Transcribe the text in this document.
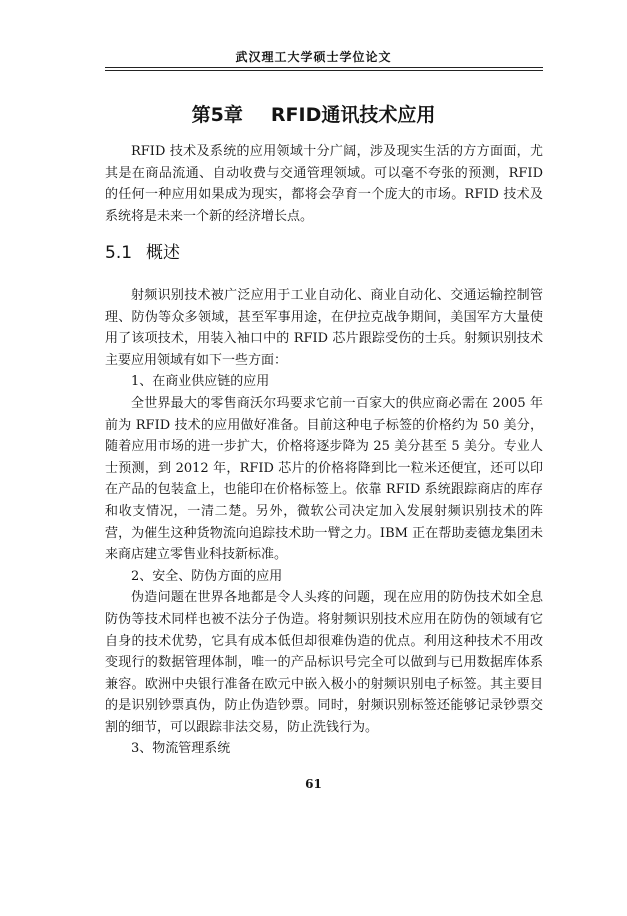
武汉理工大学硕士学位论文
第5章 RFID通讯技术应用

RFID 技术及系统的应用领域十分广阔，涉及现实生活的方方面面，尤其是在商品流通、自动收费与交通管理领域。可以毫不夸张的预测，RFID 的任何一种应用如果成为现实，都将会孕育一个庞大的市场。RFID 技术及系统将是未来一个新的经济增长点。

5.1 概述

射频识别技术被广泛应用于工业自动化、商业自动化、交通运输控制管理、防伪等众多领域，甚至军事用途，在伊拉克战争期间，美国军方大量使用了该项技术，用装入袖口中的 RFID 芯片跟踪受伤的士兵。射频识别技术主要应用领域有如下一些方面：

1、在商业供应链的应用

全世界最大的零售商沃尔玛要求它前一百家大的供应商必需在 2005 年前为 RFID 技术的应用做好准备。目前这种电子标签的价格约为 50 美分，随着应用市场的进一步扩大，价格将逐步降为 25 美分甚至 5 美分。专业人士预测，到 2012 年，RFID 芯片的价格将降到比一粒米还便宜，还可以印在产品的包装盒上，也能印在价格标签上。依靠 RFID 系统跟踪商店的库存和收支情况，一清二楚。另外，微软公司决定加入发展射频识别技术的阵营，为催生这种货物流向追踪技术助一臂之力。IBM 正在帮助麦德龙集团未来商店建立零售业科技新标准。

2、安全、防伪方面的应用

伪造问题在世界各地都是令人头疼的问题，现在应用的防伪技术如全息防伪等技术同样也被不法分子伪造。将射频识别技术应用在防伪的领域有它自身的技术优势，它具有成本低但却很难伪造的优点。利用这种技术不用改变现行的数据管理体制，唯一的产品标识号完全可以做到与已用数据库体系兼容。欧洲中央银行准备在欧元中嵌入极小的射频识别电子标签。其主要目的是识别钞票真伪，防止伪造钞票。同时，射频识别标签还能够记录钞票交割的细节，可以跟踪非法交易，防止洗钱行为。

3、物流管理系统

61
